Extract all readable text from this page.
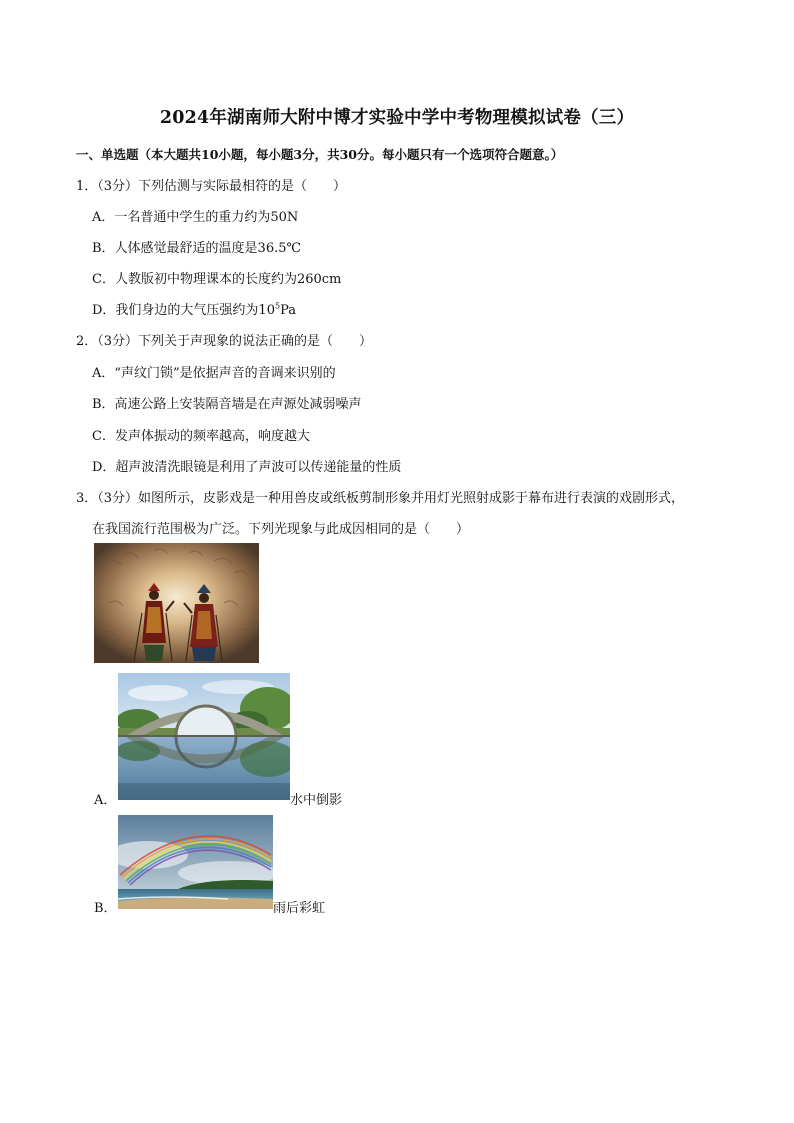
2024年湖南师大附中博才实验中学中考物理模拟试卷（三）
一、单选题（本大题共10小题，每小题3分，共30分。每小题只有一个选项符合题意。）
1．（3分）下列估测与实际最相符的是（　　）
A．一名普通中学生的重力约为50N
B．人体感觉最舒适的温度是36.5℃
C．人教版初中物理课本的长度约为260cm
D．我们身边的大气压强约为$10^5Pa$
2．（3分）下列关于声现象的说法正确的是（　　）
A．“声纹门锁”是依据声音的音调来识别的
B．高速公路上安装隔音墙是在声源处减弱噪声
C．发声体振动的频率越高，响度越大
D．超声波清洗眼镜是利用了声波可以传递能量的性质
3．（3分）如图所示，皮影戏是一种用兽皮或纸板剪制形象并用灯光照射成影于幕布进行表演的戏剧形式，
在我国流行范围极为广泛。下列光现象与此成因相同的是（　　）
A．	水中倒影
B．	雨后彩虹
